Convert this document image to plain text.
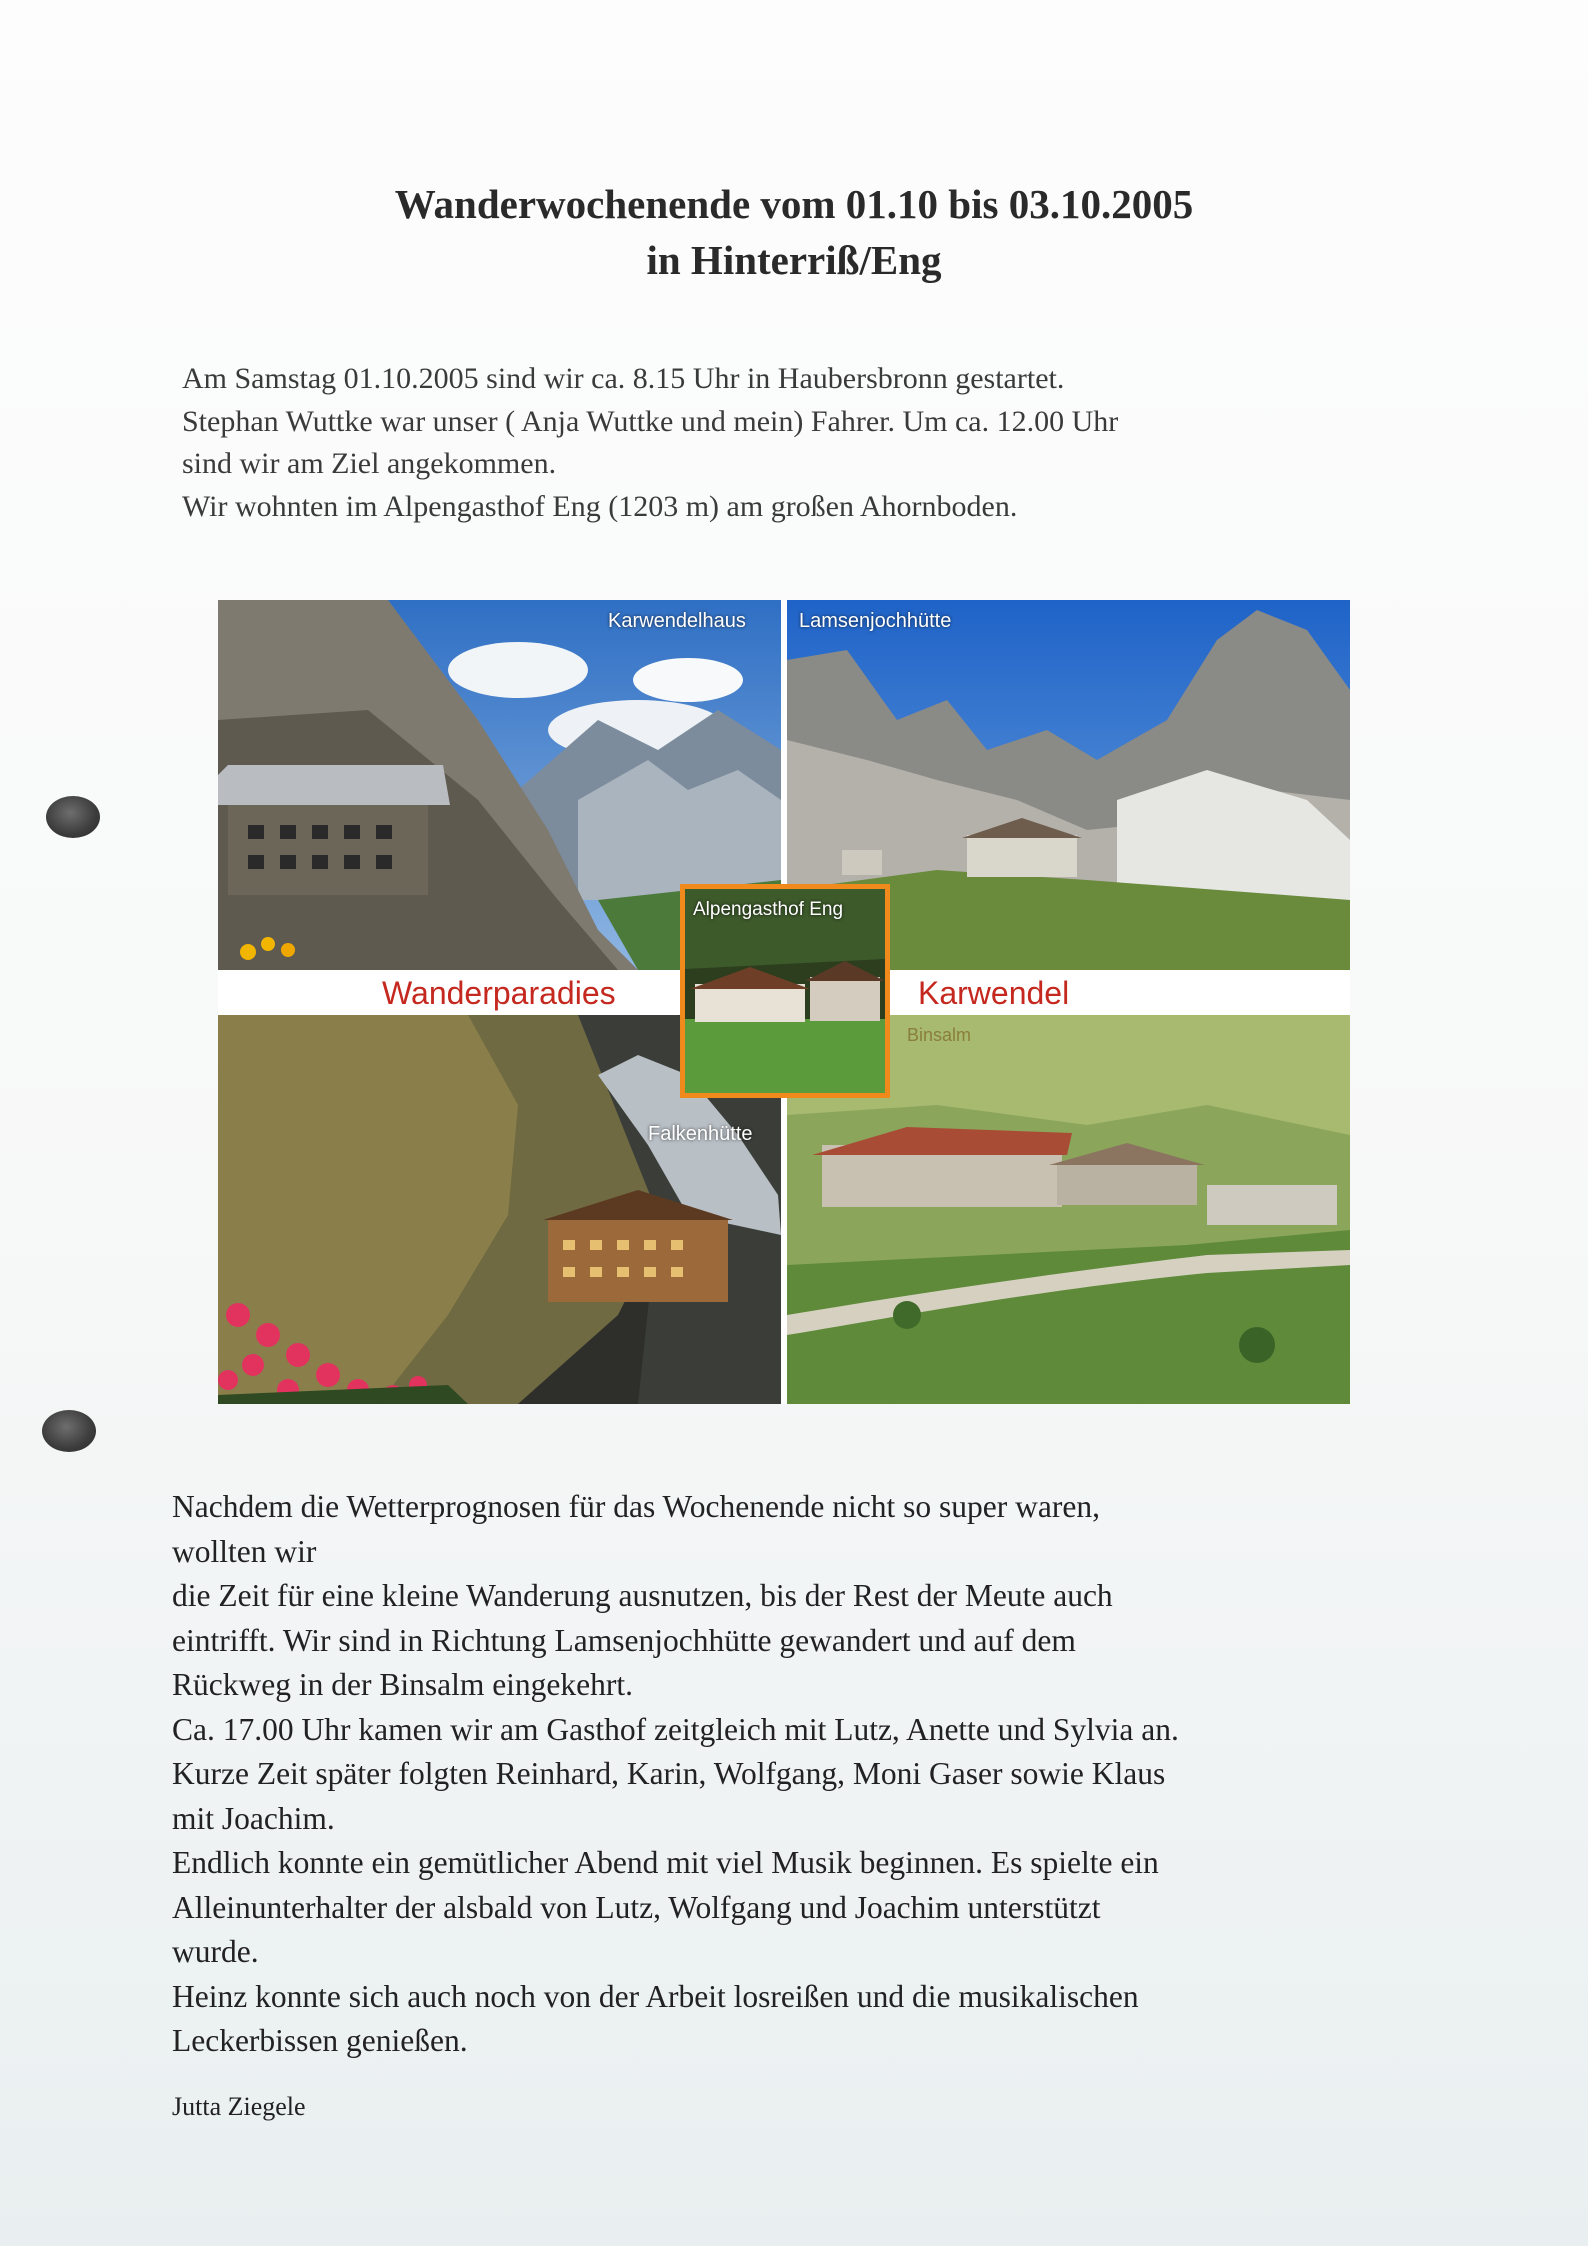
Wanderwochenende vom 01.10 bis 03.10.2005
in Hinterriß/Eng
Am Samstag 01.10.2005 sind wir ca. 8.15 Uhr in Haubersbronn gestartet.
Stephan Wuttke war unser ( Anja Wuttke und mein) Fahrer. Um ca. 12.00 Uhr
sind wir am Ziel angekommen.
Wir wohnten im Alpengasthof Eng (1203 m) am großen Ahornboden.
Karwendelhaus	Lamsenjochhütte
Falkenhütte
Binsalm
Wanderparadies	Karwendel
Alpengasthof Eng
Nachdem die Wetterprognosen für das Wochenende nicht so super waren,
wollten wir
die Zeit für eine kleine Wanderung ausnutzen, bis der Rest der Meute auch
eintrifft. Wir sind in Richtung Lamsenjochhütte gewandert und auf dem
Rückweg in der Binsalm eingekehrt.
Ca. 17.00 Uhr kamen wir am Gasthof zeitgleich mit Lutz, Anette und Sylvia an.
Kurze Zeit später folgten Reinhard, Karin, Wolfgang, Moni Gaser sowie Klaus
mit Joachim.
Endlich konnte ein gemütlicher Abend mit viel Musik beginnen. Es spielte ein
Alleinunterhalter der alsbald von Lutz, Wolfgang und Joachim unterstützt
wurde.
Heinz konnte sich auch noch von der Arbeit losreißen und die musikalischen
Leckerbissen genießen.
Jutta Ziegele
